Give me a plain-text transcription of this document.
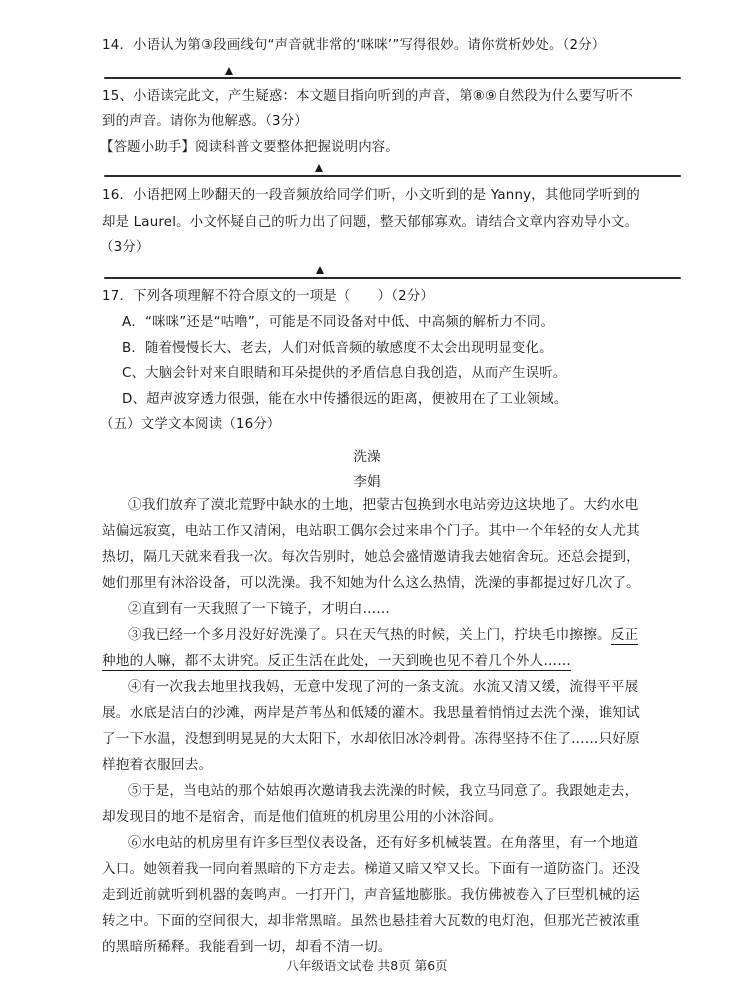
14．小语认为第③段画线句“声音就非常的‘咪咪’”写得很妙。请你赏析妙处。（2分）
15、小语读完此文，产生疑惑：本文题目指向听到的声音，第⑧⑨自然段为什么要写听不
到的声音。请你为他解惑。（3分）
【答题小助手】阅读科普文要整体把握说明内容。
16．小语把网上吵翻天的一段音频放给同学们听，小文听到的是 Yanny，其他同学听到的
却是 Laurel。小文怀疑自己的听力出了问题，整天郁郁寡欢。请结合文章内容劝导小文。
（3分）
17．下列各项理解不符合原文的一项是（　　）（2分）
A．“咪咪”还是“咕噜”，可能是不同设备对中低、中高频的解析力不同。
B．随着慢慢长大、老去，人们对低音频的敏感度不太会出现明显变化。
C、大脑会针对来自眼睛和耳朵提供的矛盾信息自我创造，从而产生误听。
D、超声波穿透力很强，能在水中传播很远的距离，便被用在了工业领域。
（五）文学文本阅读（16分）
洗澡
李娟
①我们放弃了漠北荒野中缺水的土地，把蒙古包换到水电站旁边这块地了。大约水电
站偏远寂寞，电站工作又清闲，电站职工偶尔会过来串个门子。其中一个年轻的女人尤其
热切，隔几天就来看我一次。每次告别时，她总会盛情邀请我去她宿舍玩。还总会提到，
她们那里有沐浴设备，可以洗澡。我不知她为什么这么热情，洗澡的事都提过好几次了。
②直到有一天我照了一下镜子，才明白……
③我已经一个多月没好好洗澡了。只在天气热的时候，关上门，拧块毛巾擦擦。反正
种地的人嘛，都不太讲究。反正生活在此处，一天到晚也见不着几个外人……
④有一次我去地里找我妈，无意中发现了河的一条支流。水流又清又缓，流得平平展
展。水底是洁白的沙滩，两岸是芦苇丛和低矮的灌木。我思量着悄悄过去洗个澡，谁知试
了一下水温，没想到明晃晃的大太阳下，水却依旧冰冷刺骨。冻得坚持不住了……只好原
样抱着衣服回去。
⑤于是，当电站的那个姑娘再次邀请我去洗澡的时候，我立马同意了。我跟她走去，
却发现目的地不是宿舍，而是他们值班的机房里公用的小沐浴间。
⑥水电站的机房里有许多巨型仪表设备，还有好多机械装置。在角落里，有一个地道
入口。她领着我一同向着黑暗的下方走去。梯道又暗又窄又长。下面有一道防盗门。还没
走到近前就听到机器的轰鸣声。一打开门，声音猛地膨胀。我仿佛被卷入了巨型机械的运
转之中。下面的空间很大，却非常黑暗。虽然也悬挂着大瓦数的电灯泡，但那光芒被浓重
的黑暗所稀释。我能看到一切，却看不清一切。
八年级语文试卷 共8页 第6页
